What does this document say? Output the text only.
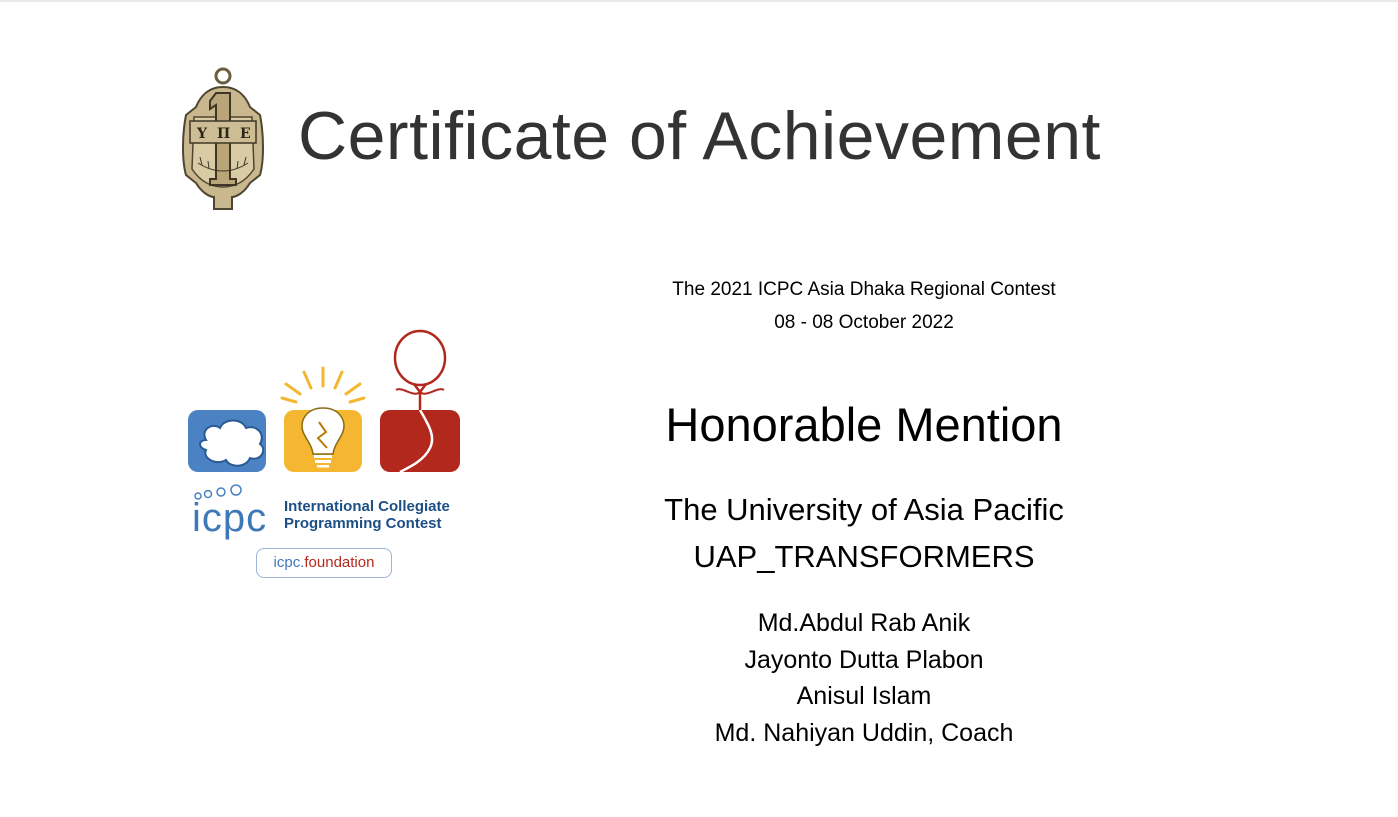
Υ Π Ε Certificate of Achievement
icpc International Collegiate
Programming Contest
icpc.foundation
The 2021 ICPC Asia Dhaka Regional Contest
08 - 08 October 2022
Honorable Mention
The University of Asia Pacific
UAP_TRANSFORMERS
Md.Abdul Rab Anik
Jayonto Dutta Plabon
Anisul Islam
Md. Nahiyan Uddin, Coach
